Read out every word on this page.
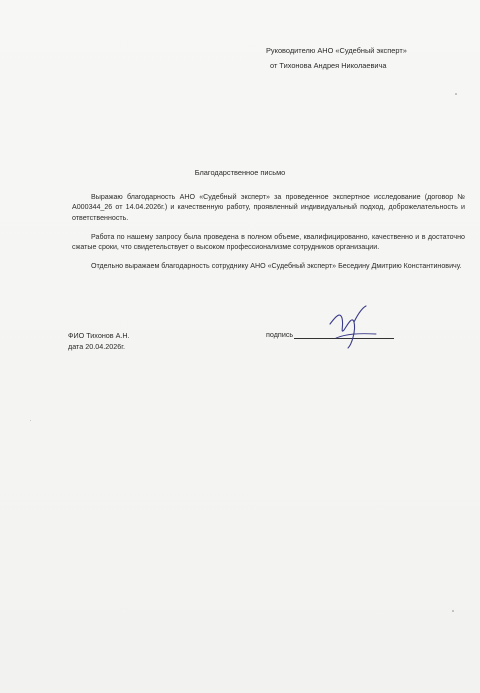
Руководителю АНО «Судебный эксперт»
от Тихонова Андрея Николаевича
Благодарственное письмо

Выражаю благодарность АНО «Судебный эксперт» за проведенное экспертное исследование (договор № А000344_26 от 14.04.2026г.) и качественную работу, проявленный индивидуальный подход, доброжелательность и ответственность.

Работа по нашему запросу была проведена в полном объеме, квалифицированно, качественно и в достаточно сжатые сроки, что свидетельствует о высоком профессионализме сотрудников организации.

Отдельно выражаем благодарность сотруднику АНО «Судебный эксперт» Беседину Дмитрию Константиновичу.

ФИО Тихонов А.Н.
дата 20.04.2026г.
подпись
